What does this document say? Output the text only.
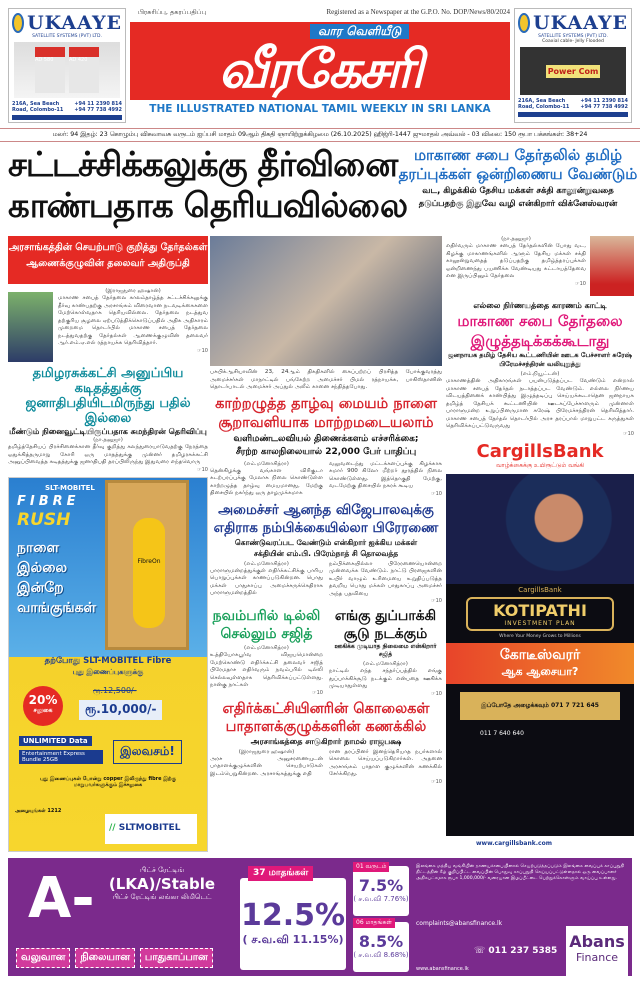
UKAAYE
SATELLITE SYSTEMS (PVT) LTD.
AD 580	AD 420
216A, Sea Beach Road, Colombo-11
+94 11 2390 814
+94 77 738 4992
பிரசுரிப்பு, தகரப்பதிப்பு	Registered as a Newspaper at the G.P.O. No. DOP/News/80/2024
வீரகேசரி
வார வெளியீடு
THE ILLUSTRATED NATIONAL TAMIL WEEKLY IN SRI LANKA
UKAAYE
SATELLITE SYSTEMS (PVT) LTD.
Coaxial cable- Jelly Flooded
Power Com
216A, Sea Beach Road, Colombo-11
+94 11 2390 814
+94 77 738 4992
மலர்: 94 இதழ்: 23 கொழும்பு விசுவாவசு வருடம் ஐப்பசி மாதம் 09ஆம் திகதி ஞாயிற்றுக்கிழமை (26.10.2025) ஹிஜ்ரி-1447 ஜுமாதல் அவ்வல் - 03 விலை: 150 ரூபா பக்கங்கள்: 38+24
சட்டச்சிக்கலுக்கு தீர்வினை
காண்பதாக தெரியவில்லை
மாகாண சபை தேர்தலில் தமிழ்
தரப்புக்கள் ஒன்றிணைய வேண்டும்
வட, கிழக்கில் தேசிய மக்கள் சக்தி காலூன்றுவதை
தடுப்பதற்கு இதுவே வழி என்கிறார் விக்னேஸ்வரன்
அரசாங்கத்தின் செயற்பாடு குறித்து தேர்தல்கள்
ஆணைக்குழுவின் தலைவர் அதிருப்தி
(இராஜதுரை ஹஷான்)
மாகாண சபைத் தேர்தலை காலம்தாழ்த்த சட்டச்சிக்கலுக்கு தீர்வு காண்பதற்கு அரசாங்கம் விரைவான நடவடிக்கைகளை மேற்கொள்வதாக தெரியவில்லை. தேர்தலை நடத்துவ தற்குரிய சூழலை ஏற்படுத்திக்கொடுப்பதில் அதிக அதிகாரம் முறைமை தொடர்பில் மாகாண சபைத் தேர்தலை நடத்துவதற்கு தேர்தல்கள் ஆணைக்குழுவின் தலைவர் ஆர்.எம்.ஏ.எல் ரத்நாயக்க தெரிவித்தார்.
☞10
தமிழரசுக்கட்சி அனுப்பிய கடிதத்துக்கு
ஜனாதிபதியிடமிருந்து பதில் இல்லை
மீண்டும் நினைவூட்டியிருப்பதாக சுமந்திரன் தெரிவிப்பு
(நா.தனுஜா)
தமிழ்த்தேசியப் பிரச்சினைக்கான தீர்வு குறித்து கலந்துரையாடுவதற்கு நேரத்தை ஒதுக்கித்தருமாறு கோரி ஒரு மாதத்துக்கு முன்னர் தமிழரசுக்கட்சி அனுப்பிவைத்த கடிதத்துக்கு ஜனாதிபதி தரப்பிலிருந்து இதுவரை எந்தவொரு
☞10
FibreOn
SLT-MOBITEL
FIBRE
RUSH
நாளை
இல்லை
இன்றே
வாங்குங்கள்
தற்போது SLT-MOBITEL Fibre
புது இணைப்புகளுக்கு
20%
சலுகை
ரூ.12,500/-
ரூ.10,000/-
UNLIMITED Data
Entertainment Express Bundle 25GB
இலவசம்!
புது இணைப்புகள் போன்று copper இலிருந்து fibre இற்கு மாறுபவர்களுக்கும் இச்சலுகை
அழையுங்கள் 1212
// SLTMOBITEL
பசுபிக்ஆசியாவின் 23, 24ஆம் திகதிகளில் கைப்பற்றப் பிரசித்த போக்குவரத்து அமைச்சர்கள் மாநாட்டில் பங்கேற்ற அமைச்சர் பிமல் ரத்நாயக்க, பாகிஸ்தானின் தொடர்பாடல் அமைச்சர் அப்துல் அலீம் கானை சந்தித்தபோது.
காற்றழுத்த தாழ்வு மையம் நாளை
சூறாவளியாக மாற்றமடையலாம்
வளிமண்டலவியல் திணைக்களம் எச்சரிக்கை;
சீரற்ற காலநிலையால் 22,000 பேர் பாதிப்பு
(எம்.மனோசித்ரா)
தென்கிழக்கு வங்காள விரிகுடா கடற்பரப்புக்கு மேலாக நிலை கொண்டுள்ள காற்றழுத்த தாழ்வு மையமானது, மேற்கு திசையில் நகர்ந்து ஒரு தாழமுக்கமாக
வலுவடைந்து மட்டக்களப்புக்கு கிழக்காக சுமார் 900 கிலோ மீற்றர் தூரத்தில் நிலை கொண்டுள்ளது. இத்தொகுதி மேற்கு, வடமேற்கு திசையில் நகரக் கூடிய
☞10
அமைச்சர் ஆனந்த விஜேபாலவுக்கு
எதிராக நம்பிக்கையில்லா பிரேரணை
கொண்டுவரப்பட வேண்டும் என்கிறார் ஐக்கிய மக்கள்
சக்தியின் எம்.பி. பிரேம்நாத் சி தொலவத்த
(எம்.மனோசித்ரா)
பாராளுமன்றத்துக்குள் எதிர்க்கட்சிக்கு பாரிய பொறுப்புக்கள் காணப்படுகின்றன. பொது மக்கள் பாதுகாப்பு அமைச்சருக்கெதிராக பாராளுமன்றத்தில்
நம்பிக்கையில்லா பிரேரணையொன்றை முன்வைக்க வேண்டும். நாட்டு பிரஜைகளின் உயிர் வாழும் உரிமையை உறுதிப்படுத்த தவறிய பொது மக்கள் பாதுகாப்பு அமைச்சர் அந்த பதவியை
☞10
நவம்பரில் டில்லி
செல்லும் சஜித்
(எம்.மனோசித்ரா)
உத்தியோகபூர்வ விஜயமொன்றை மேற்கொண்டு எதிர்க்கட்சி தலைவர் சஜித் பிரேமதாச எதிர்வரும் நவம்பரில் டில்லி செல்லவுள்ளதாக தெரிவிக்கப்பட்டுள்ளது. நான்கு நாட்கள்
☞10
எங்கு துப்பாக்கி
சூடு நடக்கும்
ஊகிக்க முடியாத நிலைமை என்கிறார் சஜித்
(எம்.மனோசித்ரா)
நாட்டில் எந்த சந்தர்ப்பத்தில் எங்கு துப்பாக்கிச்சூடு நடக்கும் என்பதை ஊகிக்க முடியாதுள்ளது
☞10
எதிர்க்கட்சியினரின் கொலைகள்
பாதாளக்குழுக்களின் கணக்கில்
அரசாங்கத்தை சாடுகிறார் நாமல் ராஜபக்ஷ
(இராஜதுரை ஹஷான்)
அரச அனுசரணையுடன் பாதாளக்குழுக்களின் செயற்பாடுகள் இடம்பெறுகின்றன. அரசாங்கத்துக்கு எதி
ரான தரப்பினர் இனந்தெரியாத நபர்களால் கொலை செய்யப்படுகிறார்கள். அதனை அரசாங்கம் பாதாள குழுக்களின் கணக்கில் சேர்க்கிறது.
☞10
(நா.தனுஜா)
எதிர்வரும் மாகாண சபைத் தேர்தல்களின் போது வட, கிழக்கு மாகாணங்களில் ஆளும் தேசிய மக்கள் சக்தி காலூன்றுவதைத் தடுப்பதற்கு தமிழ்த்தரப்புக்கள் ஒன்றிணைந்து பயணிக்க வேண்டியது கட்டாயத்தேவை என இருப்பினும் தேர்தலை
☞10
எல்லை நிர்ணயத்தை காரணம் காட்டி
மாகாண சபை தேர்தலை
இழுத்தடிக்கக்கூடாது
ஜனநாயக தமிழ் தேசிய கூட்டணியின் ஊடக பேச்சாளர் சுரேஷ் பிரேமச்சந்திரன் வலியுறுத்து
(எம்.நியூட்டன்)
மாகாணத்தின் அதிகாரங்கள் பயன்படுத்தப்பட வேண்டும் என்றால் மாகாண சபைத் தேர்தல் நடாத்தப்பட வேண்டும். எல்லை நிர்ணய விடயத்தினைக் காண்பித்து இழுத்தடிப்பு செய்யக்கூடாதென ஜனநாயக தமிழ்த் தேசியக் கூட்டணியின் ஊடகப்பேச்சாளரும் முன்னாள் பாராளுமன்ற உறுப்பினருமான சுரேஷ் பிரேமச்சந்திரன் தெரிவித்தார். மாகாண சபைத் தேர்தல் தொடர்பில் அரச தரப்பால் மாறுபட்ட கருத்துகள் தெரிவிக்கப்பட்டுவருவது
☞10
CargillsBank
வாழ்க்கைக்கு உயிரூட்டும் வங்கி
CargillsBank
KOTIPATHI
INVESTMENT PLAN
Where Your Money Grows to Millions
கோடீஸ்வரர்
ஆக ஆசையா?
இப்போதே அழைக்கவும் 071 7 721 645
011 7 640 640
www.cargillsbank.com
A-	பிட்ச் ரேட்டிங்
(LKA)/Stable
பிட்ச் ரேட்டிங் லங்கா லிமிடெட்
வலுவான	நிலையான	பாதுகாப்பான
37 மாதங்கள்
12.5%
( ச.வ.வி 11.15%)
01 வருடம்
7.5%
( ச.வ.வி 7.76%)
06 மாதங்கள்
8.5%
( ச.வ.வி 8.68%)
இலங்கை மத்திய வங்கியின் நாணயச்சபையினால் செயற்படுத்தப்படும் இலங்கை வைப்புக் காப்புறுதி திட்டத்தின் கீழ் குறிப்பிட்ட வைப்பின் பொதுவு காப்புறுதி செய்யப்பட்டுள்ளதால் ஒரு வைப்பாளர் அதிகபட்சமாக ரூபா 1,000,000/- வரையான இழப்பீட்டை பெற்றுக்கொள்ளும் வாய்ப்பு உள்ளது.
complaints@abansfinance.lk
www.abansfinance.lk
☏ 011 237 5385 Abans
Finance
